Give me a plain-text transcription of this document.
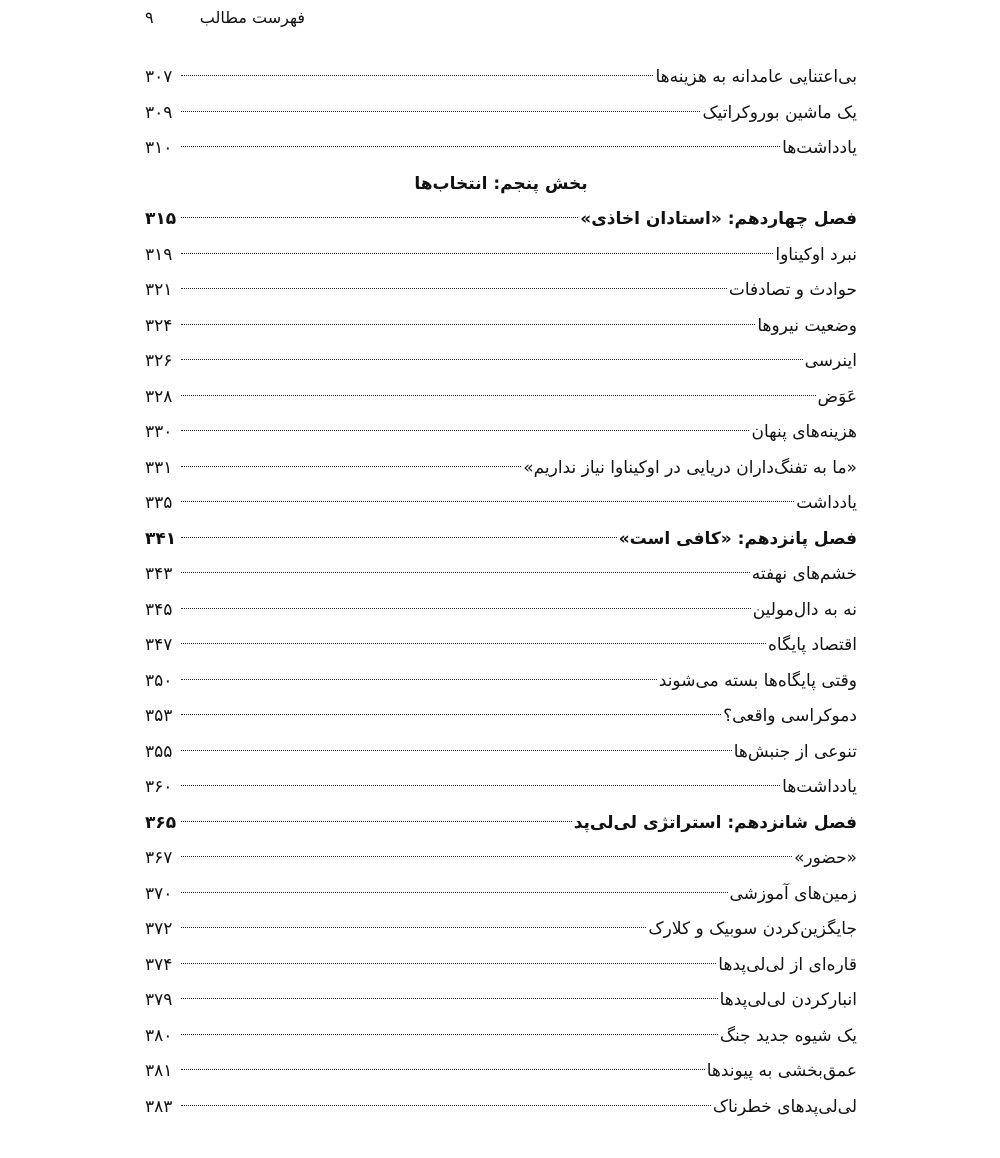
۹	فهرست مطالب
بی‌اعتنایی عامدانه به هزینه‌ها
۳۰۷
یک ماشین بوروکراتیک
۳۰۹
یادداشت‌ها
۳۱۰
بخش پنجم: انتخاب‌ها
فصل چهاردهم: «استادان اخاذی»
۳۱۵
نبرد اوکیناوا
۳۱۹
حوادث و تصادفات
۳۲۱
وضعیت نیروها
۳۲۴
اینرسی
۳۲۶
عَوَض
۳۲۸
هزینه‌های پنهان
۳۳۰
«ما به تفنگ‌داران دریایی در اوکیناوا نیاز نداریم»
۳۳۱
یادداشت
۳۳۵
فصل پانزدهم: «کافی است»
۳۴۱
خشم‌های نهفته
۳۴۳
نه به دال‌مولین
۳۴۵
اقتصاد پایگاه
۳۴۷
وقتی پایگاه‌ها بسته می‌شوند
۳۵۰
دموکراسی واقعی؟
۳۵۳
تنوعی از جنبش‌ها
۳۵۵
یادداشت‌ها
۳۶۰
فصل شانزدهم: استراتژی لی‌لی‌پد
۳۶۵
«حضور»
۳۶۷
زمین‌های آموزشی
۳۷۰
جایگزین‌کردن سوبیک و کلارک
۳۷۲
قاره‌ای از لی‌لی‌پدها
۳۷۴
انبارکردن لی‌لی‌پدها
۳۷۹
یک شیوه جدید جنگ
۳۸۰
عمق‌بخشی به پیوندها
۳۸۱
لی‌لی‌پدهای خطرناک
۳۸۳
